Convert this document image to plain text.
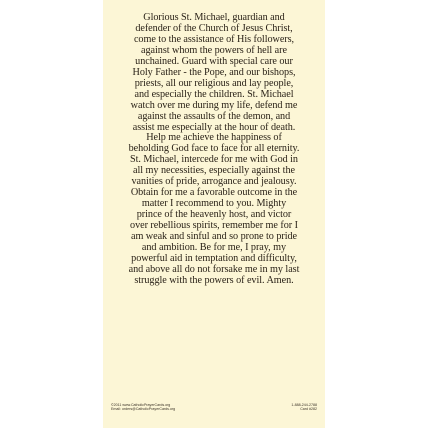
Glorious St. Michael, guardian and
defender of the Church of Jesus Christ,
come to the assistance of His followers,
against whom the powers of hell are
unchained. Guard with special care our
Holy Father - the Pope, and our bishops,
priests, all our religious and lay people,
and especially the children. St. Michael
watch over me during my life, defend me
against the assaults of the demon, and
assist me especially at the hour of death.
Help me achieve the happiness of
beholding God face to face for all eternity.
St. Michael, intercede for me with God in
all my necessities, especially against the
vanities of pride, arrogance and jealousy.
Obtain for me a favorable outcome in the
matter I recommend to you. Mighty
prince of the heavenly host, and victor
over rebellious spirits, remember me for I
am weak and sinful and so prone to pride
and ambition. Be for me, I pray, my
powerful aid in temptation and difficulty,
and above all do not forsake me in my last
struggle with the powers of evil. Amen.
©2011 www.CatholicPrayerCards.org
Email: orders@CatholicPrayerCards.org
1-888-244-2788
Card #282
